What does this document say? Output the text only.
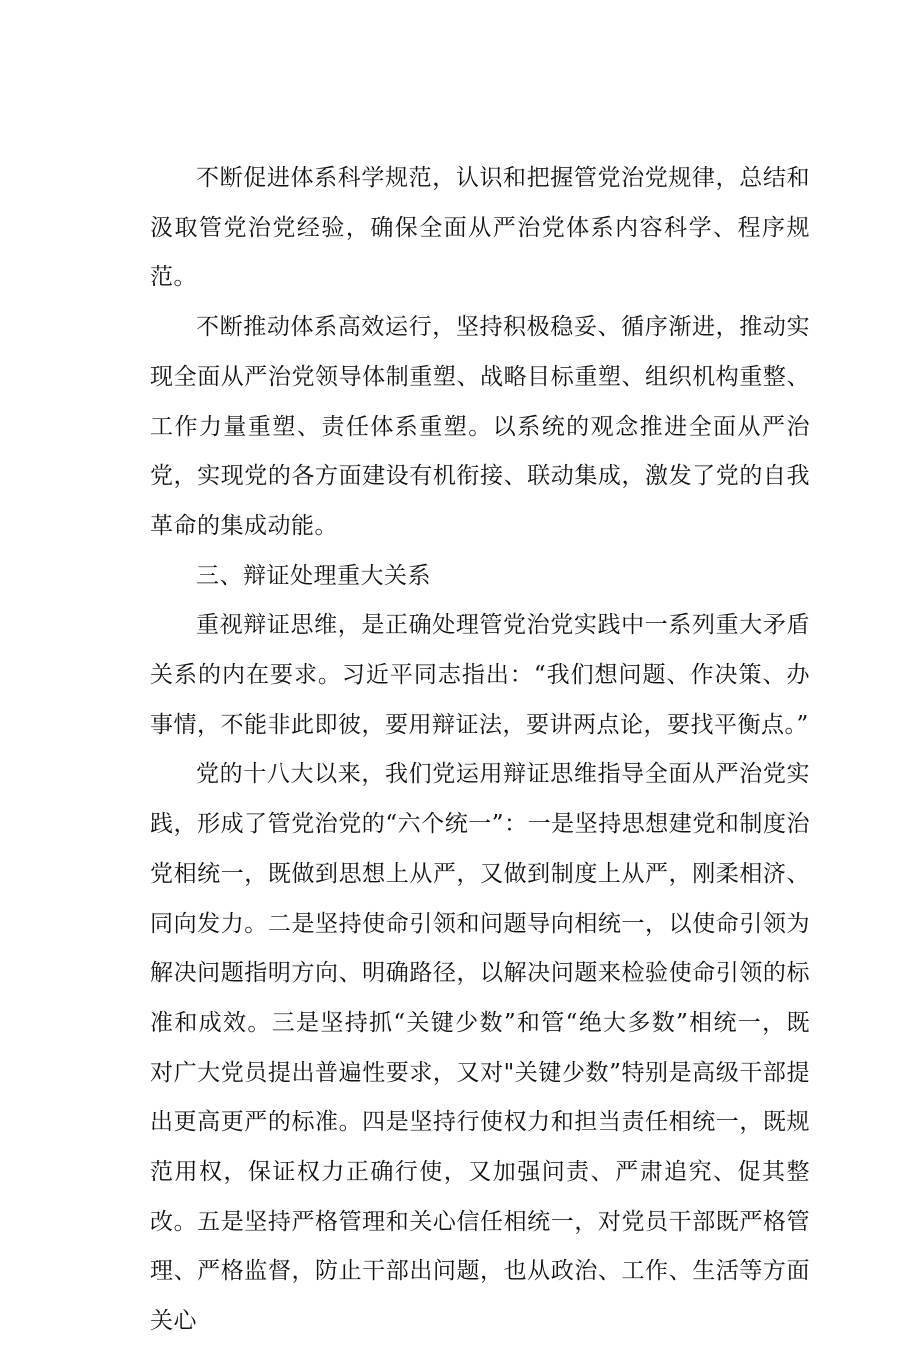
不断促进体系科学规范，认识和把握管党治党规律，总结和汲取管党治党经验，确保全面从严治党体系内容科学、程序规范。

不断推动体系高效运行，坚持积极稳妥、循序渐进，推动实现全面从严治党领导体制重塑、战略目标重塑、组织机构重整、工作力量重塑、责任体系重塑。以系统的观念推进全面从严治党，实现党的各方面建设有机衔接、联动集成，激发了党的自我革命的集成动能。

三、辩证处理重大关系

重视辩证思维，是正确处理管党治党实践中一系列重大矛盾关系的内在要求。习近平同志指出：“我们想问题、作决策、办事情，不能非此即彼，要用辩证法，要讲两点论，要找平衡点。”

党的十八大以来，我们党运用辩证思维指导全面从严治党实践，形成了管党治党的“六个统一”：一是坚持思想建党和制度治党相统一，既做到思想上从严，又做到制度上从严，刚柔相济、同向发力。二是坚持使命引领和问题导向相统一，以使命引领为解决问题指明方向、明确路径，以解决问题来检验使命引领的标准和成效。三是坚持抓“关键少数”和管“绝大多数”相统一，既对广大党员提出普遍性要求，又对"关键少数”特别是高级干部提出更高更严的标准。四是坚持行使权力和担当责任相统一，既规范用权，保证权力正确行使，又加强问责、严肃追究、促其整改。五是坚持严格管理和关心信任相统一，对党员干部既严格管理、严格监督，防止干部出问题，也从政治、工作、生活等方面关心
